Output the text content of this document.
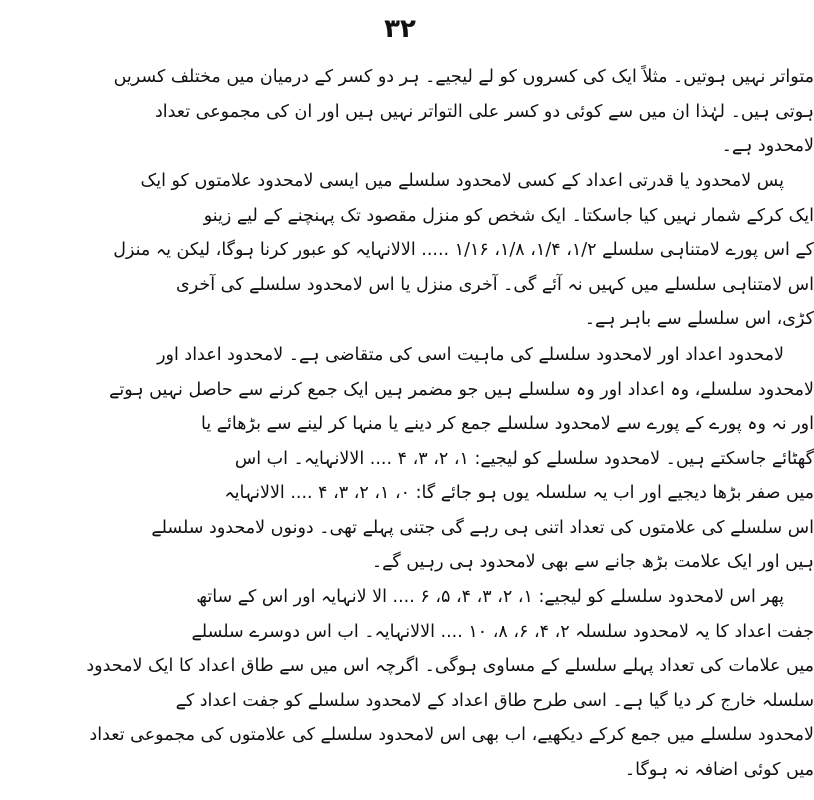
۳۲
متواتر نہیں ہوتیں۔ مثلاً ایک کی کسروں کو لے لیجیے۔ ہر دو کسر کے درمیان میں مختلف کسریں
ہوتی ہیں۔ لہٰذا ان میں سے کوئی دو کسر علی التواتر نہیں ہیں اور ان کی مجموعی تعداد
لامحدود ہے۔
پس لامحدود یا قدرتی اعداد کے کسی لامحدود سلسلے میں ایسی لامحدود علامتوں کو ایک
ایک کرکے شمار نہیں کیا جاسکتا۔ ایک شخص کو منزل مقصود تک پہنچنے کے لیے زینو
کے اس پورے لامتناہی سلسلے ۱/۲، ۱/۴، ۱/۸، ۱/۱۶ ..... الالانہایہ کو عبور کرنا ہوگا، لیکن یہ منزل
اس لامتناہی سلسلے میں کہیں نہ آئے گی۔ آخری منزل یا اس لامحدود سلسلے کی آخری
کڑی، اس سلسلے سے باہر ہے۔
لامحدود اعداد اور لامحدود سلسلے کی ماہیت اسی کی متقاضی ہے۔ لامحدود اعداد اور
لامحدود سلسلے، وہ اعداد اور وہ سلسلے ہیں جو مضمر ہیں ایک جمع کرنے سے حاصل نہیں ہوتے
اور نہ وہ پورے کے پورے سے لامحدود سلسلے جمع کر دینے یا منہا کر لینے سے بڑھائے یا
گھٹائے جاسکتے ہیں۔ لامحدود سلسلے کو لیجیے: ۱، ۲، ۳، ۴ .... الالانہایہ۔ اب اس
میں صفر بڑھا دیجیے اور اب یہ سلسلہ یوں ہو جائے گا: ۰، ۱، ۲، ۳، ۴ .... الالانہایہ
اس سلسلے کی علامتوں کی تعداد اتنی ہی رہے گی جتنی پہلے تھی۔ دونوں لامحدود سلسلے
ہیں اور ایک علامت بڑھ جانے سے بھی لامحدود ہی رہیں گے۔
پھر اس لامحدود سلسلے کو لیجیے: ۱، ۲، ۳، ۴، ۵، ۶ .... الا لانہایہ اور اس کے ساتھ
جفت اعداد کا یہ لامحدود سلسلہ ۲، ۴، ۶، ۸، ۱۰ .... الالانہایہ۔ اب اس دوسرے سلسلے
میں علامات کی تعداد پہلے سلسلے کے مساوی ہوگی۔ اگرچہ اس میں سے طاق اعداد کا ایک لامحدود
سلسلہ خارج کر دیا گیا ہے۔ اسی طرح طاق اعداد کے لامحدود سلسلے کو جفت اعداد کے
لامحدود سلسلے میں جمع کرکے دیکھیے، اب بھی اس لامحدود سلسلے کی علامتوں کی مجموعی تعداد
میں کوئی اضافہ نہ ہوگا۔
